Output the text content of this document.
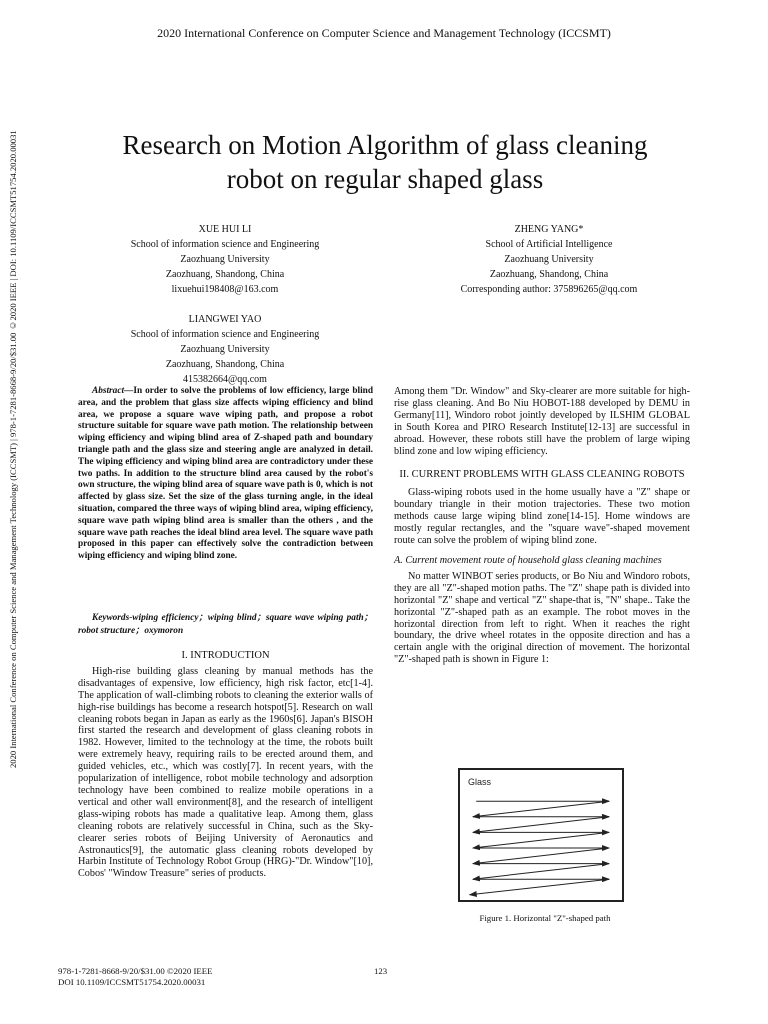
2020 International Conference on Computer Science and Management Technology (ICCSMT)
2020 International Conference on Computer Science and Management Technology (ICCSMT) | 978-1-7281-8668-9/20/$31.00 ©2020 IEEE | DOI: 10.1109/ICCSMT51754.2020.00031	Research on Motion Algorithm of glass cleaning
robot on regular shaped glass
XUE HUI LI
School of information science and Engineering
Zaozhuang University
Zaozhuang, Shandong, China
lixuehui198408@163.com
ZHENG YANG*
School of Artificial Intelligence
Zaozhuang University
Zaozhuang, Shandong, China
Corresponding author: 375896265@qq.com
LIANGWEI YAO
School of information science and Engineering
Zaozhuang University
Zaozhuang, Shandong, China
415382664@qq.com

Abstract—In order to solve the problems of low efficiency, large blind area, and the problem that glass size affects wiping efficiency and blind area, we propose a square wave wiping path, and propose a robot structure suitable for square wave path motion. The relationship between wiping efficiency and wiping blind area of Z-shaped path and boundary triangle path and the glass size and steering angle are analyzed in detail. The wiping efficiency and wiping blind area are contradictory under these two paths. In addition to the structure blind area caused by the robot's own structure, the wiping blind area of square wave path is 0, which is not affected by glass size. Set the size of the glass turning angle, in the ideal situation, compared the three ways of wiping blind area, wiping efficiency, square wave path wiping blind area is smaller than the others , and the square wave path reaches the ideal blind area level. The square wave path proposed in this paper can effectively solve the contradiction between wiping efficiency and wiping blind zone.

Keywords-wiping efficiency；wiping blind；square wave wiping path；robot structure；oxymoron

I. INTRODUCTION

High-rise building glass cleaning by manual methods has the disadvantages of expensive, low efficiency, high risk factor, etc[1-4]. The application of wall-climbing robots to cleaning the exterior walls of high-rise buildings has become a research hotspot[5]. Research on wall cleaning robots began in Japan as early as the 1960s[6]. Japan's BISOH first started the research and development of glass cleaning robots in 1982. However, limited to the technology at the time, the robots built were extremely heavy, requiring rails to be erected around them, and guided vehicles, etc., which was costly[7]. In recent years, with the popularization of intelligence, robot mobile technology and adsorption technology have been combined to realize mobile operations in a vertical and other wall environment[8], and the research of intelligent glass-wiping robots has made a qualitative leap. Among them, glass cleaning robots are relatively successful in China, such as the Sky-clearer series robots of Beijing University of Aeronautics and Astronautics[9], the automatic glass cleaning robots developed by Harbin Institute of Technology Robot Group (HRG)-"Dr. Window"[10], Cobos' "Window Treasure" series of products.

Among them "Dr. Window" and Sky-clearer are more suitable for high-rise glass cleaning. And Bo Niu HOBOT-188 developed by DEMU in Germany[11], Windoro robot jointly developed by ILSHIM GLOBAL in South Korea and PIRO Research Institute[12-13] are successful in abroad. However, these robots still have the problem of large wiping blind zone and low wiping efficiency.

II. CURRENT PROBLEMS WITH GLASS CLEANING ROBOTS

Glass-wiping robots used in the home usually have a "Z" shape or boundary triangle in their motion trajectories. These two motion methods cause large wiping blind zone[14-15]. Home windows are mostly regular rectangles, and the "square wave"-shaped movement route can solve the problem of wiping blind zone.

A. Current movement route of household glass cleaning machines

No matter WINBOT series products, or Bo Niu and Windoro robots, they are all "Z"-shaped motion paths. The "Z" shape path is divided into horizontal "Z" shape and vertical "Z" shape-that is, "N" shape.. Take the horizontal "Z"-shaped path as an example. The robot moves in the horizontal direction from left to right. When it reaches the right boundary, the drive wheel rotates in the opposite direction and has a certain angle with the original direction of movement. The horizontal "Z"-shaped path is shown in Figure 1:

Glass
Figure 1. Horizontal "Z"-shaped path
978-1-7281-8668-9/20/$31.00 ©2020 IEEE
DOI 10.1109/ICCSMT51754.2020.00031
123
